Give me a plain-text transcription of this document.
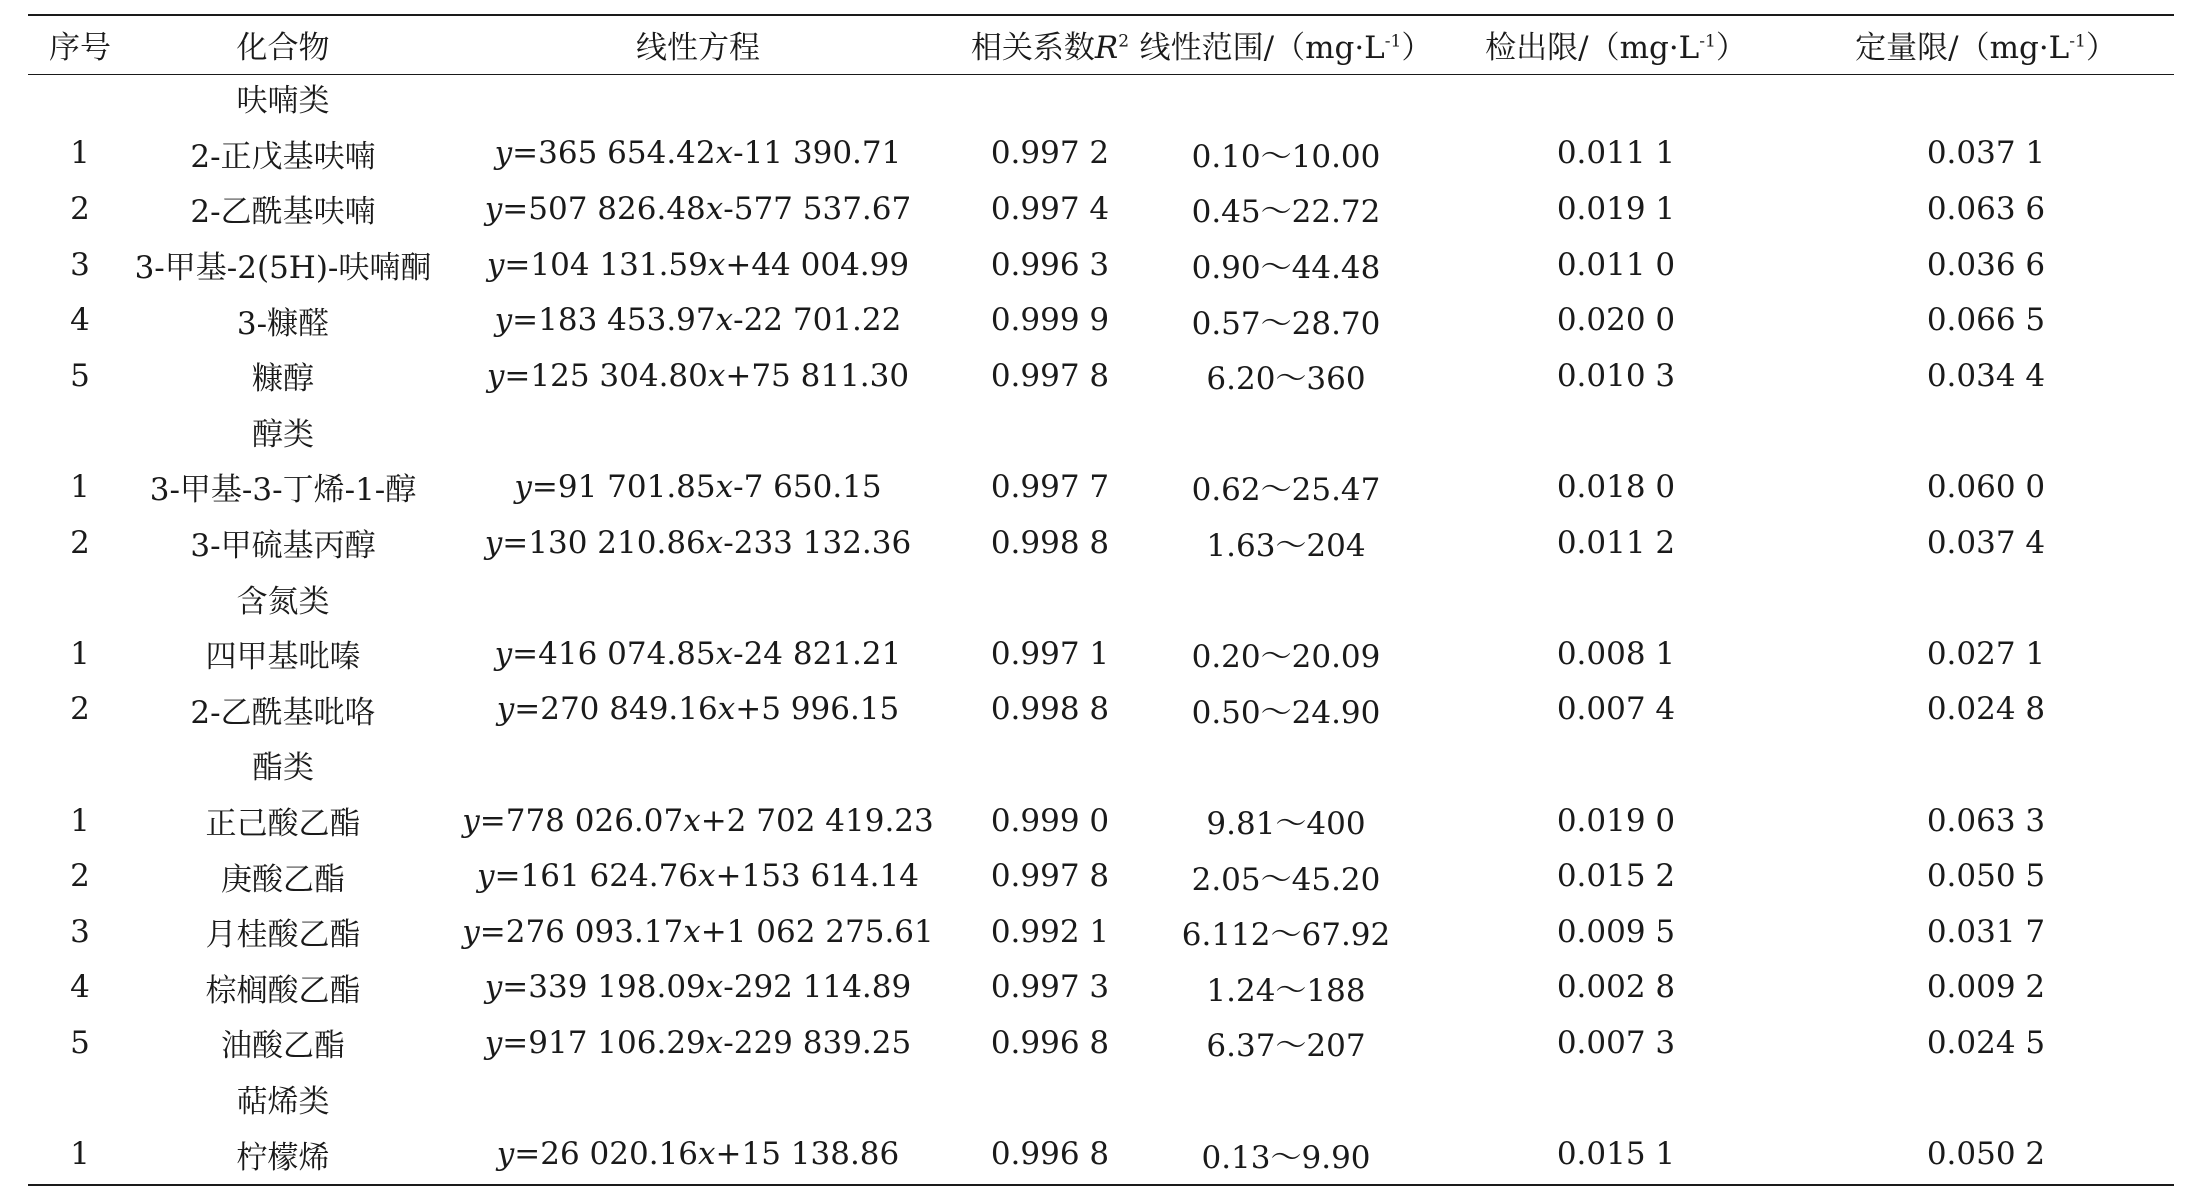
序号	化合物	线性方程	相关系数$R^2$	线性范围$/(mg\cdot L^{-1})$	检出限$/(mg\cdot L^{-1})$	定量限$/(mg\cdot L^{-1})$
	呋喃类					
1	2-正戊基呋喃	y=365 654.42x-11 390.71	0.997 2	0.10～10.00	0.011 1	0.037 1
2	2-乙酰基呋喃	y=507 826.48x-577 537.67	0.997 4	0.45～22.72	0.019 1	0.063 6
3	3-甲基-2(5H)-呋喃酮	y=104 131.59x+44 004.99	0.996 3	0.90～44.48	0.011 0	0.036 6
4	3-糠醛	y=183 453.97x-22 701.22	0.999 9	0.57～28.70	0.020 0	0.066 5
5	糠醇	y=125 304.80x+75 811.30	0.997 8	6.20～360	0.010 3	0.034 4
	醇类					
1	3-甲基-3-丁烯-1-醇	y=91 701.85x-7 650.15	0.997 7	0.62～25.47	0.018 0	0.060 0
2	3-甲硫基丙醇	y=130 210.86x-233 132.36	0.998 8	1.63～204	0.011 2	0.037 4
	含氮类					
1	四甲基吡嗪	y=416 074.85x-24 821.21	0.997 1	0.20～20.09	0.008 1	0.027 1
2	2-乙酰基吡咯	y=270 849.16x+5 996.15	0.998 8	0.50～24.90	0.007 4	0.024 8
	酯类					
1	正己酸乙酯	y=778 026.07x+2 702 419.23	0.999 0	9.81～400	0.019 0	0.063 3
2	庚酸乙酯	y=161 624.76x+153 614.14	0.997 8	2.05～45.20	0.015 2	0.050 5
3	月桂酸乙酯	y=276 093.17x+1 062 275.61	0.992 1	6.112～67.92	0.009 5	0.031 7
4	棕榈酸乙酯	y=339 198.09x-292 114.89	0.997 3	1.24～188	0.002 8	0.009 2
5	油酸乙酯	y=917 106.29x-229 839.25	0.996 8	6.37～207	0.007 3	0.024 5
	萜烯类					
1	柠檬烯	y=26 020.16x+15 138.86	0.996 8	0.13～9.90	0.015 1	0.050 2
